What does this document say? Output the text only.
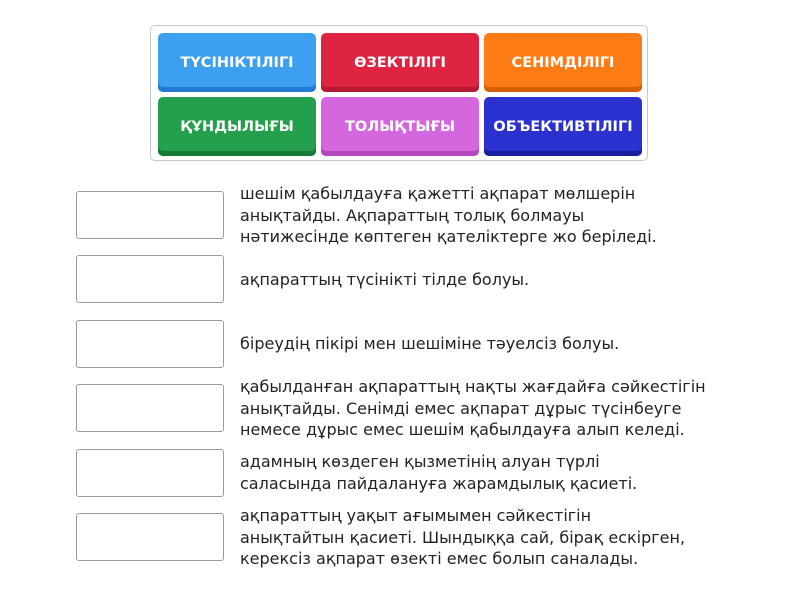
ТҮСІНІКТІЛІГІ	ӨЗЕКТІЛІГІ	СЕНІМДІЛІГІ
ҚҰНДЫЛЫҒЫ	ТОЛЫҚТЫҒЫ	ОБЪЕКТИВТІЛІГІ
шешім қабылдауға қажетті ақпарат мөлшерін
анықтайды. Ақпараттың толық болмауы
нәтижесінде көптеген қателіктерге жо беріледі.
ақпараттың түсінікті тілде болуы.
біреудің пікірі мен шешіміне тәуелсіз болуы.
қабылданған ақпараттың нақты жағдайға сәйкестігін
анықтайды. Сенімді емес ақпарат дұрыс түсінбеуге
немесе дұрыс емес шешім қабылдауға алып келеді.
адамның көздеген қызметінің алуан түрлі
саласында пайдалануға жарамдылық қасиеті.
ақпараттың уақыт ағымымен сәйкестігін
анықтайтын қасиеті. Шындыққа сай, бірақ ескірген,
керексіз ақпарат өзекті емес болып саналады.
